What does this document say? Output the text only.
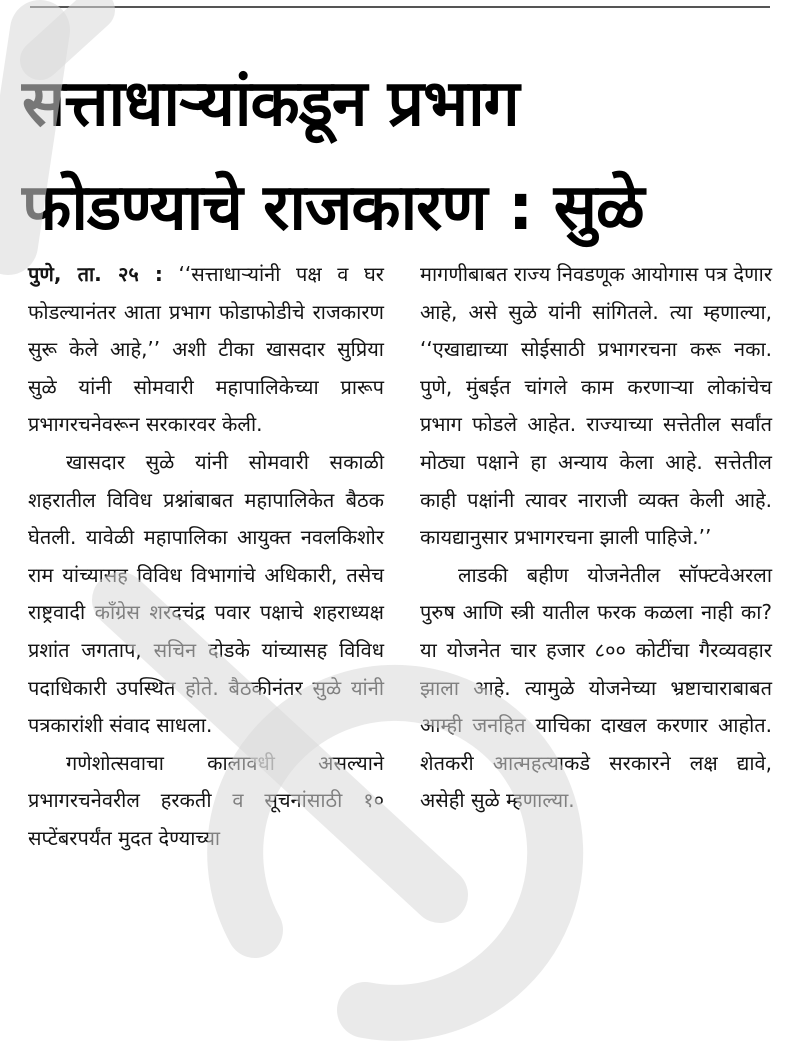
सत्ताधाऱ्यांकडून प्रभाग
फोडण्याचे राजकारण : सुळे

पुणे, ता. २५ : ‘‘सत्ताधाऱ्यांनी पक्ष व घर फोडल्यानंतर आता प्रभाग फोडाफोडीचे राजकारण सुरू केले आहे,’’ अशी टीका खासदार सुप्रिया सुळे यांनी सोमवारी महापालिकेच्या प्रारूप प्रभागरचनेवरून सरकारवर केली.

खासदार सुळे यांनी सोमवारी सकाळी शहरातील विविध प्रश्नांबाबत महापालिकेत बैठक घेतली. यावेळी महापालिका आयुक्त नवलकिशोर राम यांच्यासह विविध विभागांचे अधिकारी, तसेच राष्ट्रवादी काँग्रेस शरदचंद्र पवार पक्षाचे शहराध्यक्ष प्रशांत जगताप, सचिन दोडके यांच्यासह विविध पदाधिकारी उपस्थित होते. बैठकीनंतर सुळे यांनी पत्रकारांशी संवाद साधला.

गणेशोत्सवाचा कालावधी असल्याने प्रभागरचनेवरील हरकती व सूचनांसाठी १० सप्टेंबरपर्यंत मुदत देण्याच्या

मागणीबाबत राज्य निवडणूक आयोगास पत्र देणार आहे, असे सुळे यांनी सांगितले. त्या म्हणाल्या, ‘‘एखाद्याच्या सोईसाठी प्रभागरचना करू नका. पुणे, मुंबईत चांगले काम करणाऱ्या लोकांचेच प्रभाग फोडले आहेत. राज्याच्या सत्तेतील सर्वांत मोठ्या पक्षाने हा अन्याय केला आहे. सत्तेतील काही पक्षांनी त्यावर नाराजी व्यक्त केली आहे. कायद्यानुसार प्रभागरचना झाली पाहिजे.’’

लाडकी बहीण योजनेतील सॉफ्टवेअरला पुरुष आणि स्त्री यातील फरक कळला नाही का? या योजनेत चार हजार ८०० कोटींचा गैरव्यवहार झाला आहे. त्यामुळे योजनेच्या भ्रष्टाचाराबाबत आम्ही जनहित याचिका दाखल करणार आहोत. शेतकरी आत्महत्याकडे सरकारने लक्ष द्यावे, असेही सुळे म्हणाल्या.
